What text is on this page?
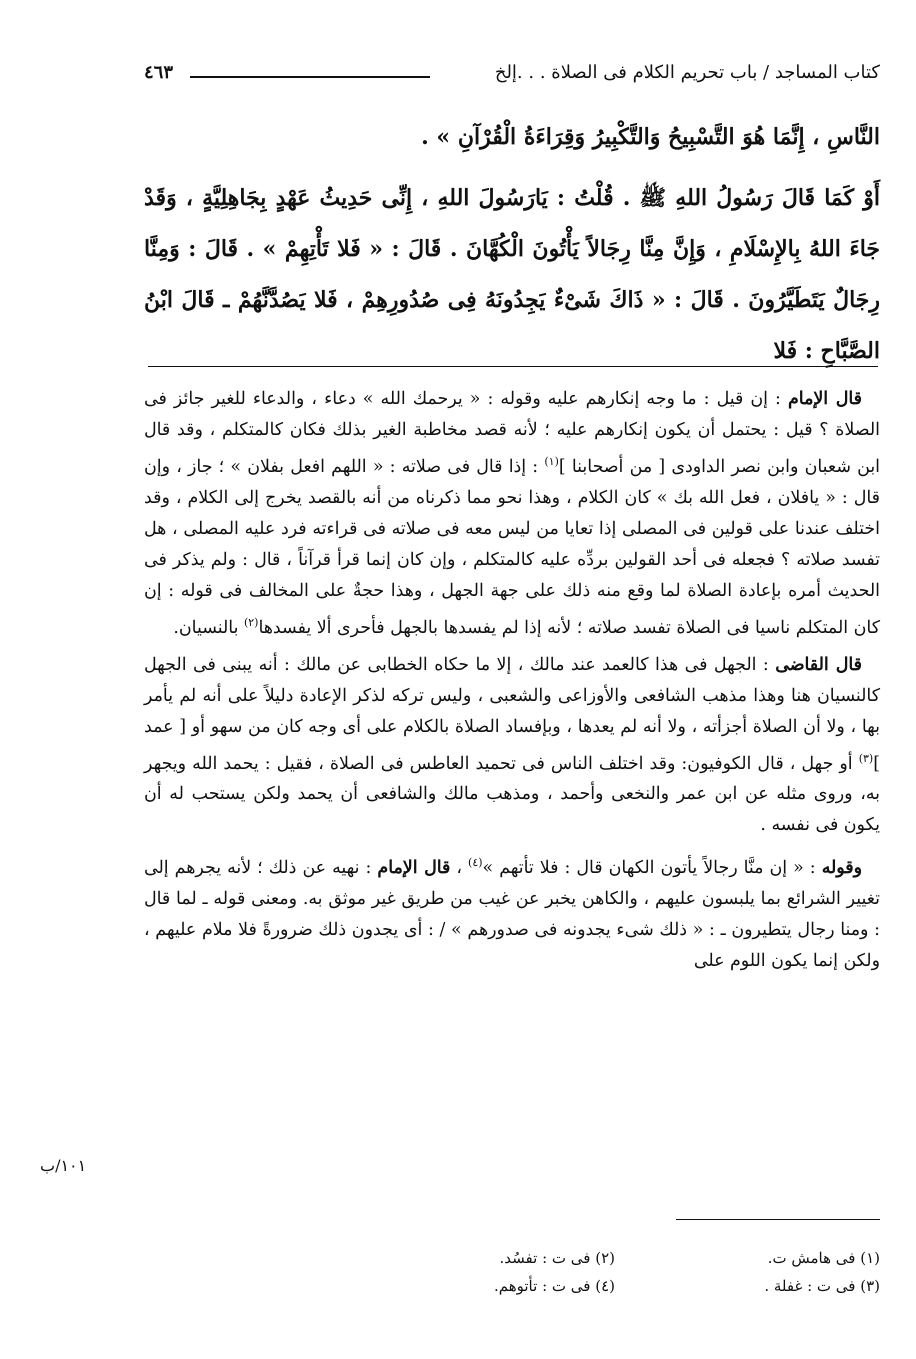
كتاب المساجد / باب تحريم الكلام فى الصلاة . . .إلخ
٤٦٣

النَّاسِ ، إِنَّمَا هُوَ التَّسْبِيحُ وَالتَّكْبِيرُ وَقِرَاءَةُ الْقُرْآنِ » .

أَوْ كَمَا قَالَ رَسُولُ اللهِ ﷺ . قُلْتُ : يَارَسُولَ اللهِ ، إِنِّى حَدِيثُ عَهْدٍ بِجَاهِلِيَّةٍ ، وَقَدْ جَاءَ اللهُ بِالإِسْلَامِ ، وَإِنَّ مِنَّا رِجَالاً يَأْتُونَ الْكُهَّانَ . قَالَ : « فَلا تَأْتِهِمْ » . قَالَ : وَمِنَّا رِجَالٌ يَتَطَيَّرُونَ . قَالَ : « ذَاكَ شَىْءٌ يَجِدُونَهُ فِى صُدُورِهِمْ ، فَلا يَصُدَّنَّهُمْ ـ قَالَ ابْنُ الصَّبَّاحِ : فَلا

قال الإمام : إن قيل : ما وجه إنكارهم عليه وقوله : « يرحمك الله » دعاء ، والدعاء للغير جائز فى الصلاة ؟ قيل : يحتمل أن يكون إنكارهم عليه ؛ لأنه قصد مخاطبة الغير بذلك فكان كالمتكلم ، وقد قال ابن شعبان وابن نصر الداودى [ من أصحابنا ]$^{(١)}$ : إذا قال فى صلاته : « اللهم افعل بفلان » ؛ جاز ، وإن قال : « يافلان ، فعل الله بك » كان الكلام ، وهذا نحو مما ذكرناه من أنه بالقصد يخرج إلى الكلام ، وقد اختلف عندنا على قولين فى المصلى إذا تعايا من ليس معه فى صلاته فى قراءته فرد عليه المصلى ، هل تفسد صلاته ؟ فجعله فى أحد القولين بردِّه عليه كالمتكلم ، وإن كان إنما قرأ قرآناً ، قال : ولم يذكر فى الحديث أمره بإعادة الصلاة لما وقع منه ذلك على جهة الجهل ، وهذا حجةٌ على المخالف فى قوله : إن كان المتكلم ناسيا فى الصلاة تفسد صلاته ؛ لأنه إذا لم يفسدها بالجهل فأحرى ألا يفسدها$^{(٢)}$ بالنسيان.

قال القاضى : الجهل فى هذا كالعمد عند مالك ، إلا ما حكاه الخطابى عن مالك : أنه يبنى فى الجهل كالنسيان هنا وهذا مذهب الشافعى والأوزاعى والشعبى ، وليس تركه لذكر الإعادة دليلاً على أنه لم يأمر بها ، ولا أن الصلاة أجزأته ، ولا أنه لم يعدها ، وبإفساد الصلاة بالكلام على أى وجه كان من سهو أو [ عمد ]$^{(٣)}$ أو جهل ، قال الكوفيون: وقد اختلف الناس فى تحميد العاطس فى الصلاة ، فقيل : يحمد الله ويجهر به، وروى مثله عن ابن عمر والنخعى وأحمد ، ومذهب مالك والشافعى أن يحمد ولكن يستحب له أن يكون فى نفسه .

وقوله : « إن منَّا رجالاً يأتون الكهان قال : فلا تأتهم »$^{(٤)}$ ، قال الإمام : نهيه عن ذلك ؛ لأنه يجرهم إلى تغيير الشرائع بما يلبسون عليهم ، والكاهن يخبر عن غيب من طريق غير موثق به. ومعنى قوله ـ لما قال : ومنا رجال يتطيرون ـ : « ذلك شىء يجدونه فى صدورهم » / : أى يجدون ذلك ضرورةً فلا ملام عليهم ، ولكن إنما يكون اللوم على

١٠١/ب
(١) فى هامش ت.
(٢) فى ت : تفسُد.
(٣) فى ت : غفلة .
(٤) فى ت : تأتوهم.
